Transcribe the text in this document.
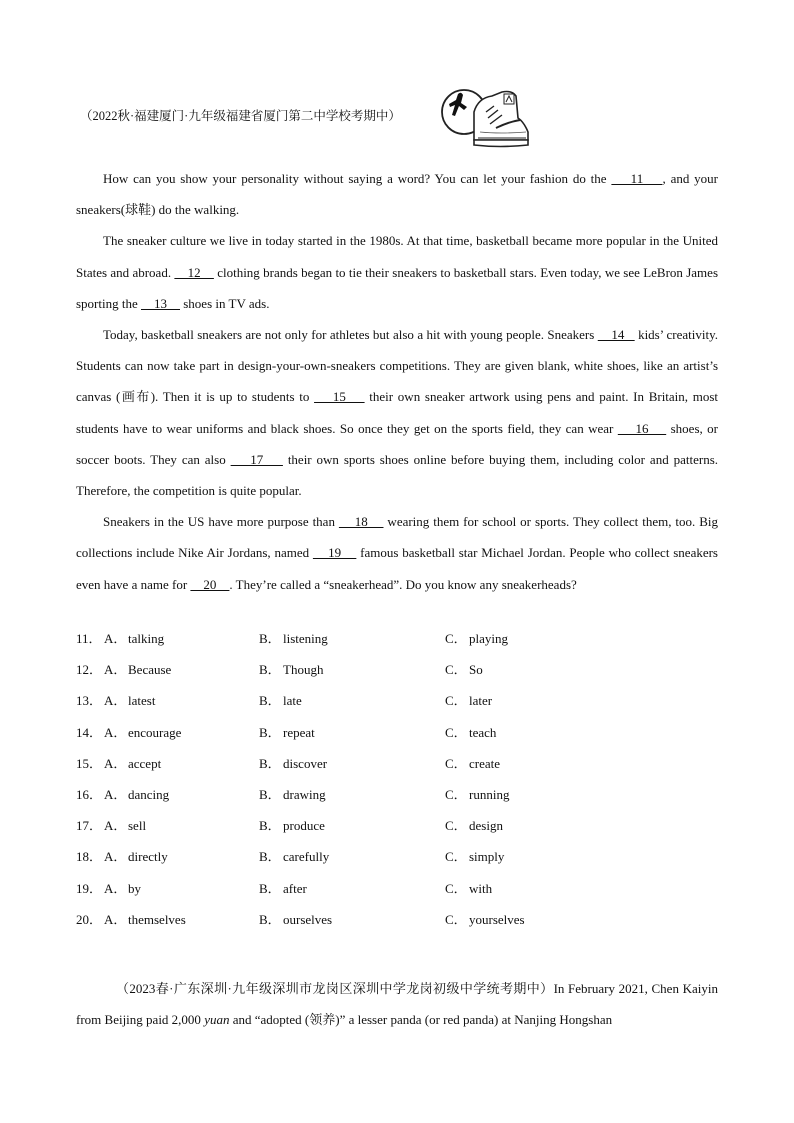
（2022秋·福建厦门·九年级福建省厦门第二中学校考期中）

How can you show your personality without saying a word? You can let your fashion do the     11    , and your sneakers(球鞋) do the walking.

The sneaker culture we live in today started in the 1980s. At that time, basketball became more popular in the United States and abroad.     12     clothing brands began to tie their sneakers to basketball stars. Even today, we see LeBron James sporting the     13     shoes in TV ads.

Today, basketball sneakers are not only for athletes but also a hit with young people. Sneakers     14    kids’ creativity. Students can now take part in design-your-own-sneakers competitions. They are given blank, white shoes, like an artist’s canvas (画布). Then it is up to students to     15     their own sneaker artwork using pens and paint. In Britain, most students have to wear uniforms and black shoes. So once they get on the sports field, they can wear     16     shoes, or soccer boots. They can also     17     their own sports shoes online before buying them, including color and patterns. Therefore, the competition is quite popular.

Sneakers in the US have more purpose than     18     wearing them for school or sports. They collect them, too. Big collections include Nike Air Jordans, named     19     famous basketball star Michael Jordan. People who collect sneakers even have a name for     20    . They’re called a “sneakerhead”. Do you know any sneakerheads?

11． A． talking	B． listening	C． playing
12． A． Because	B． Though	C． So
13． A． latest	B． late	C． later
14． A． encourage	B． repeat	C． teach
15． A． accept	B． discover	C． create
16． A． dancing	B． drawing	C． running
17． A． sell	B． produce	C． design
18． A． directly	B． carefully	C． simply
19． A． by	B． after	C． with
20． A． themselves	B． ourselves	C． yourselves

（2023春·广东深圳·九年级深圳市龙岗区深圳中学龙岗初级中学统考期中）In February 2021, Chen Kaiyin from Beijing paid 2,000 yuan and “adopted (领养)” a lesser panda (or red panda) at Nanjing Hongshan
